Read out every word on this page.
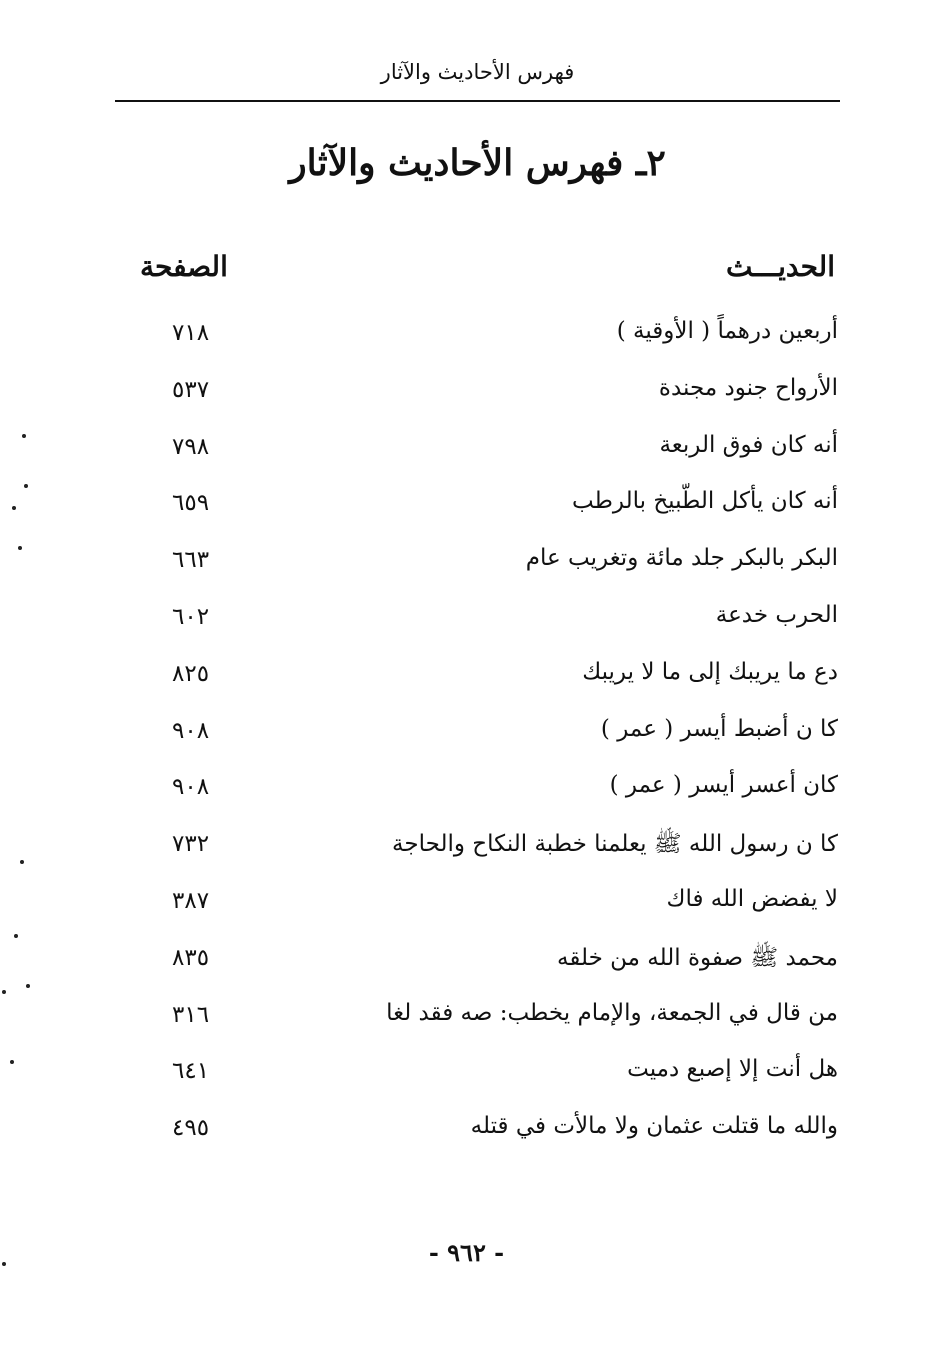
فهرس الأحاديث والآثار
٢ـ فهرس الأحاديث والآثار
الحديـــث
الصفحة
أربعين درهماً ( الأوقية )
٧١٨
الأرواح جنود مجندة
٥٣٧
أنه كان فوق الربعة
٧٩٨
أنه كان يأكل الطّبيخ بالرطب
٦٥٩
البكر بالبكر جلد مائة وتغريب عام
٦٦٣
الحرب خدعة
٦٠٢
دع ما يريبك إلى ما لا يريبك
٨٢٥
كا ن أضبط أيسر ( عمر )
٩٠٨
كان أعسر أيسر ( عمر )
٩٠٨
كا ن رسول الله ﷺ يعلمنا خطبة النكاح والحاجة
٧٣٢
لا يفضض الله فاك
٣٨٧
محمد ﷺ صفوة الله من خلقه
٨٣٥
من قال في الجمعة، والإمام يخطب: صه فقد لغا
٣١٦
هل أنت إلا إصبع دميت
٦٤١
والله ما قتلت عثمان ولا مالأت في قتله
٤٩٥
- ٩٦٢ -
